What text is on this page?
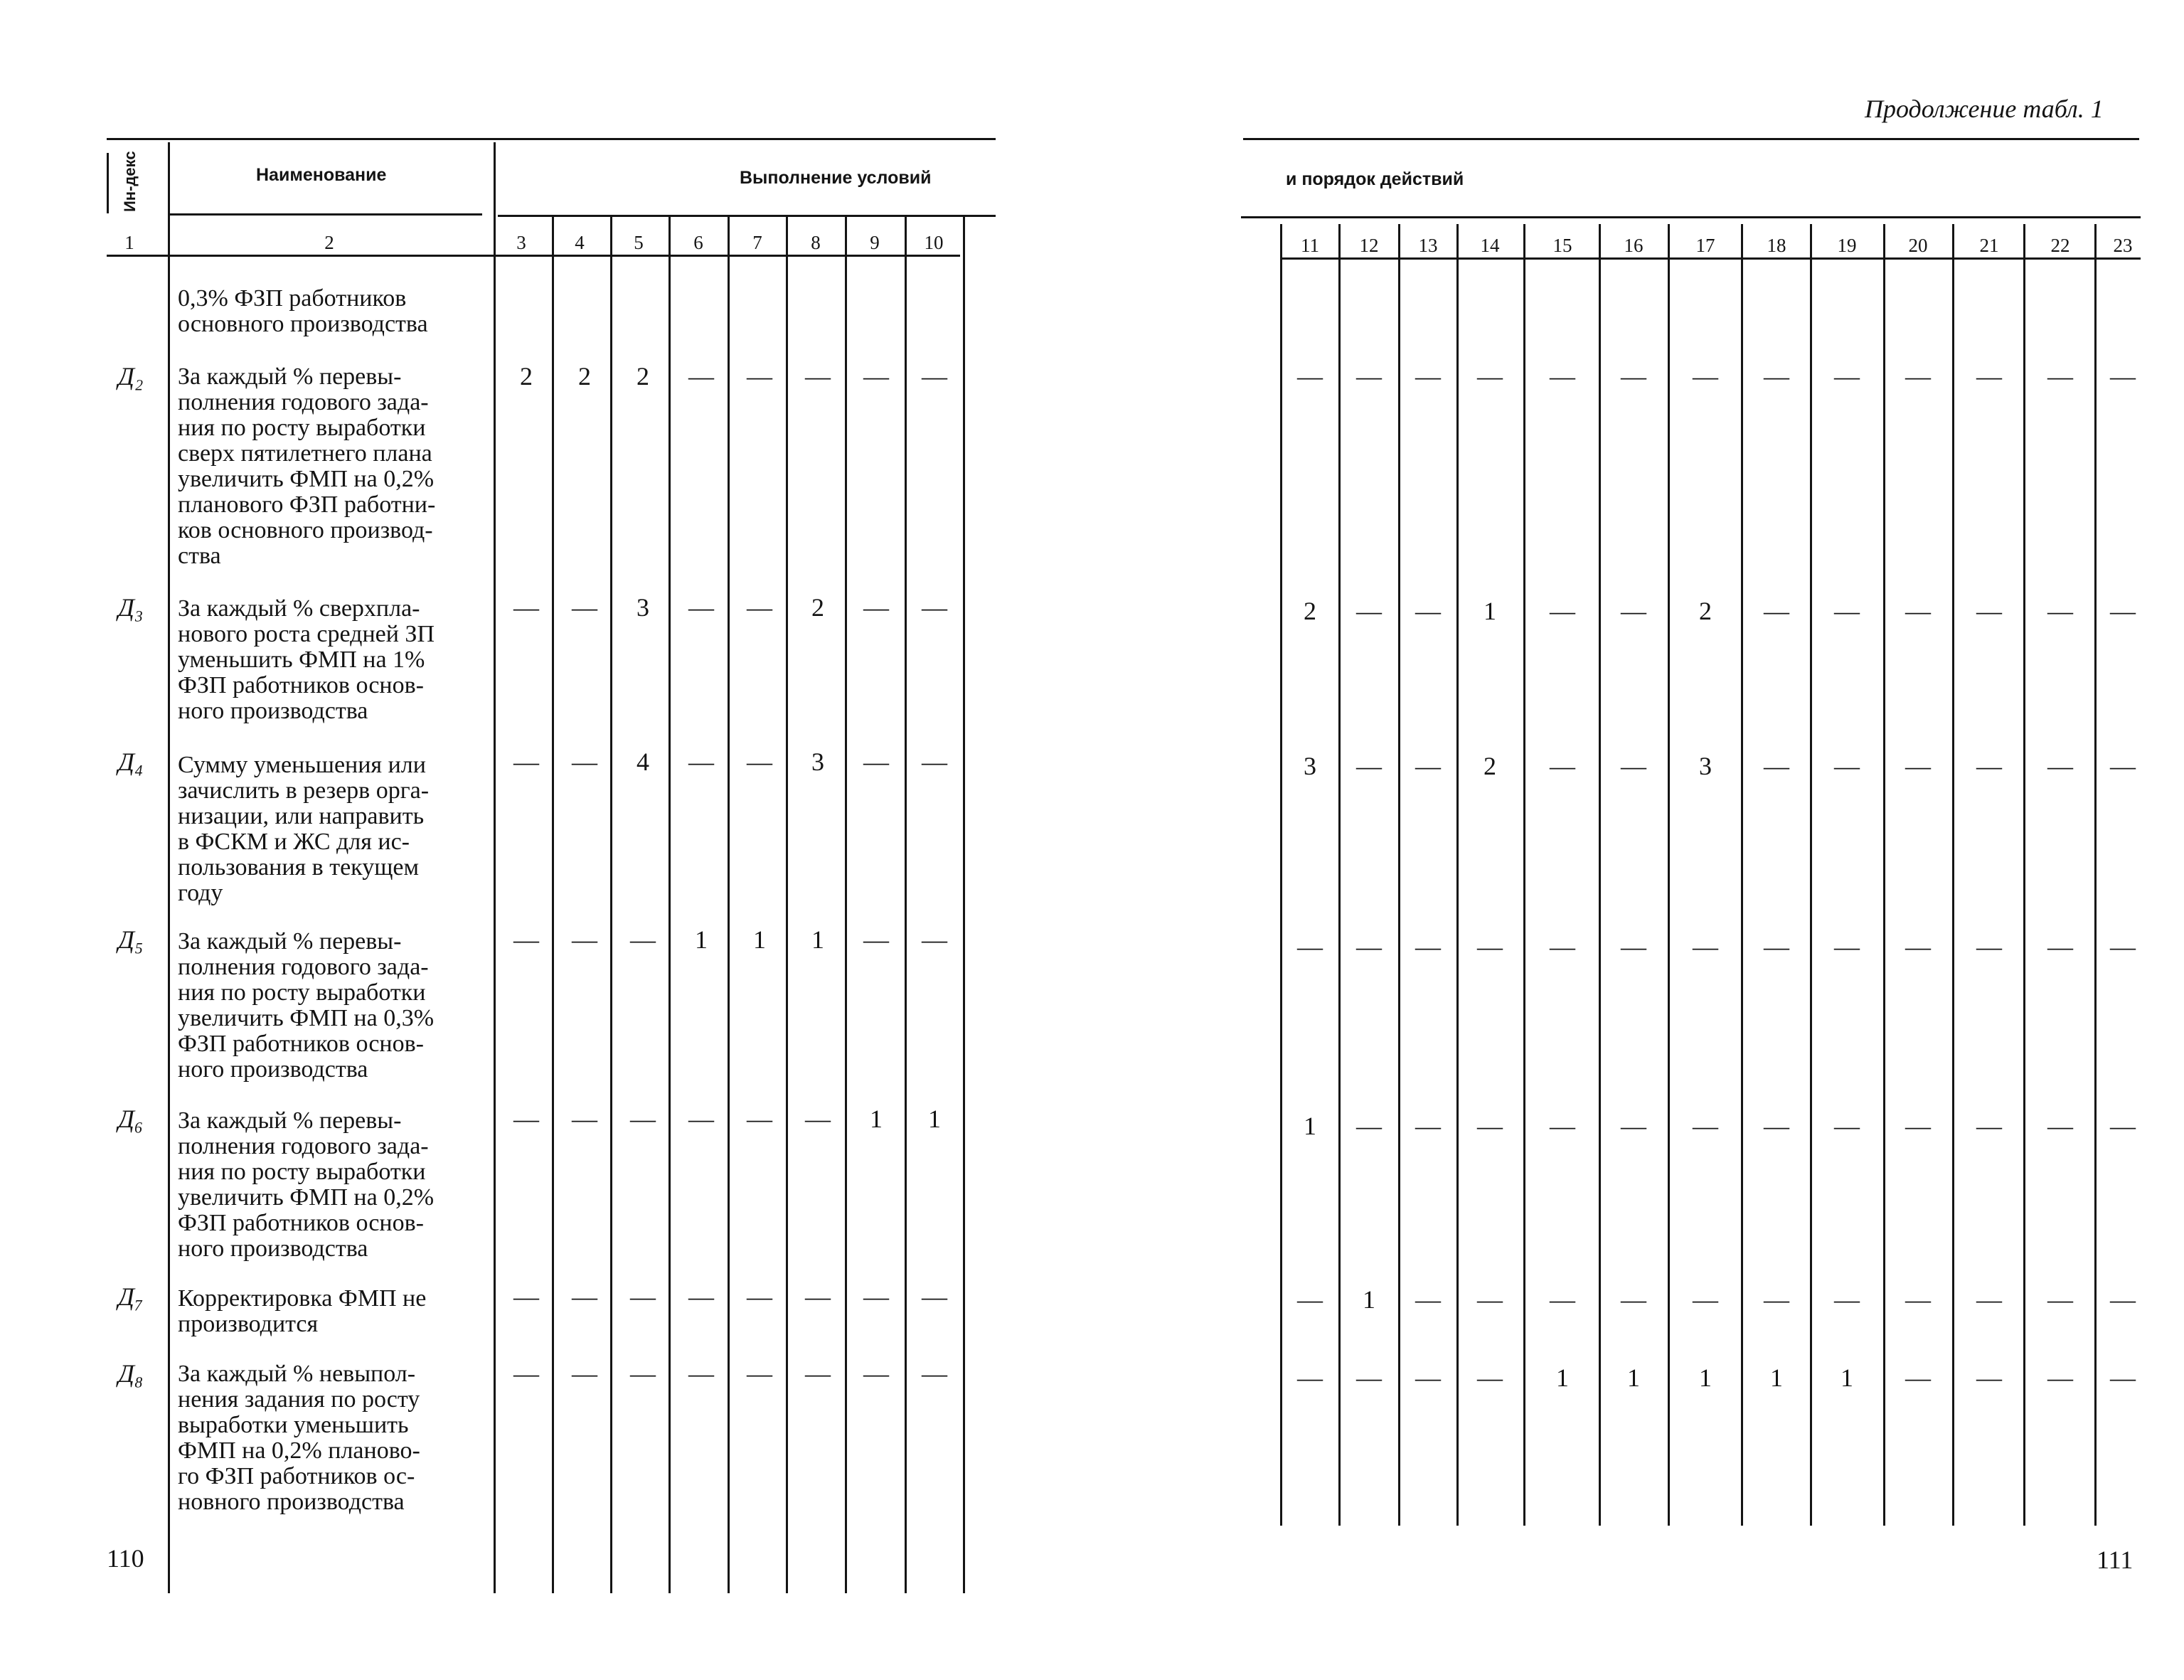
Ин-декс	Наименование	Выполнение условий
1	2	3	4	5	6	7	8	9	10
0,3% ФЗП работников
основного производства
Д₂ За каждый % перевы-
полнения годового зада-
ния по росту выработки
сверх пятилетнего плана
увеличить ФМП на 0,2%
планового ФЗП работни-
ков основного производ-
ства
2	2	2	—	—	—	—	—
Д₃ За каждый % сверхпла-
нового роста средней ЗП
уменьшить ФМП на 1%
ФЗП работников основ-
ного производства
—	—	3	—	—	2	—	—
Д₄ Сумму уменьшения или
зачислить в резерв орга-
низации, или направить
в ФСКМ и ЖС для ис-
пользования в текущем
году
—	—	4	—	—	3	—	—
Д₅ За каждый % перевы-
полнения годового зада-
ния по росту выработки
увеличить ФМП на 0,3%
ФЗП работников основ-
ного производства
—	—	—	1	1	1	—	—
Д₆ За каждый % перевы-
полнения годового зада-
ния по росту выработки
увеличить ФМП на 0,2%
ФЗП работников основ-
ного производства
—	—	—	—	—	—	1	1
Д₇ Корректировка ФМП не
производится
—	—	—	—	—	—	—	—
Д₈ За каждый % невыпол-
нения задания по росту
выработки уменьшить
ФМП на 0,2% планово-
го ФЗП работников ос-
новного производства
—	—	—	—	—	—	—	—
110
Продолжение табл. 1
и порядок действий
11	12	13	14	15	16	17	18	19	20	21	22	23
—	—	—	—	—	—	—	—	—	—	—	—	—
2	—	—	1	—	—	2	—	—	—	—	—	—
3	—	—	2	—	—	3	—	—	—	—	—	—
—	—	—	—	—	—	—	—	—	—	—	—	—
1	—	—	—	—	—	—	—	—	—	—	—	—
—	1	—	—	—	—	—	—	—	—	—	—	—
—	—	—	—	1	1	1	1	1	—	—	—	—
111
